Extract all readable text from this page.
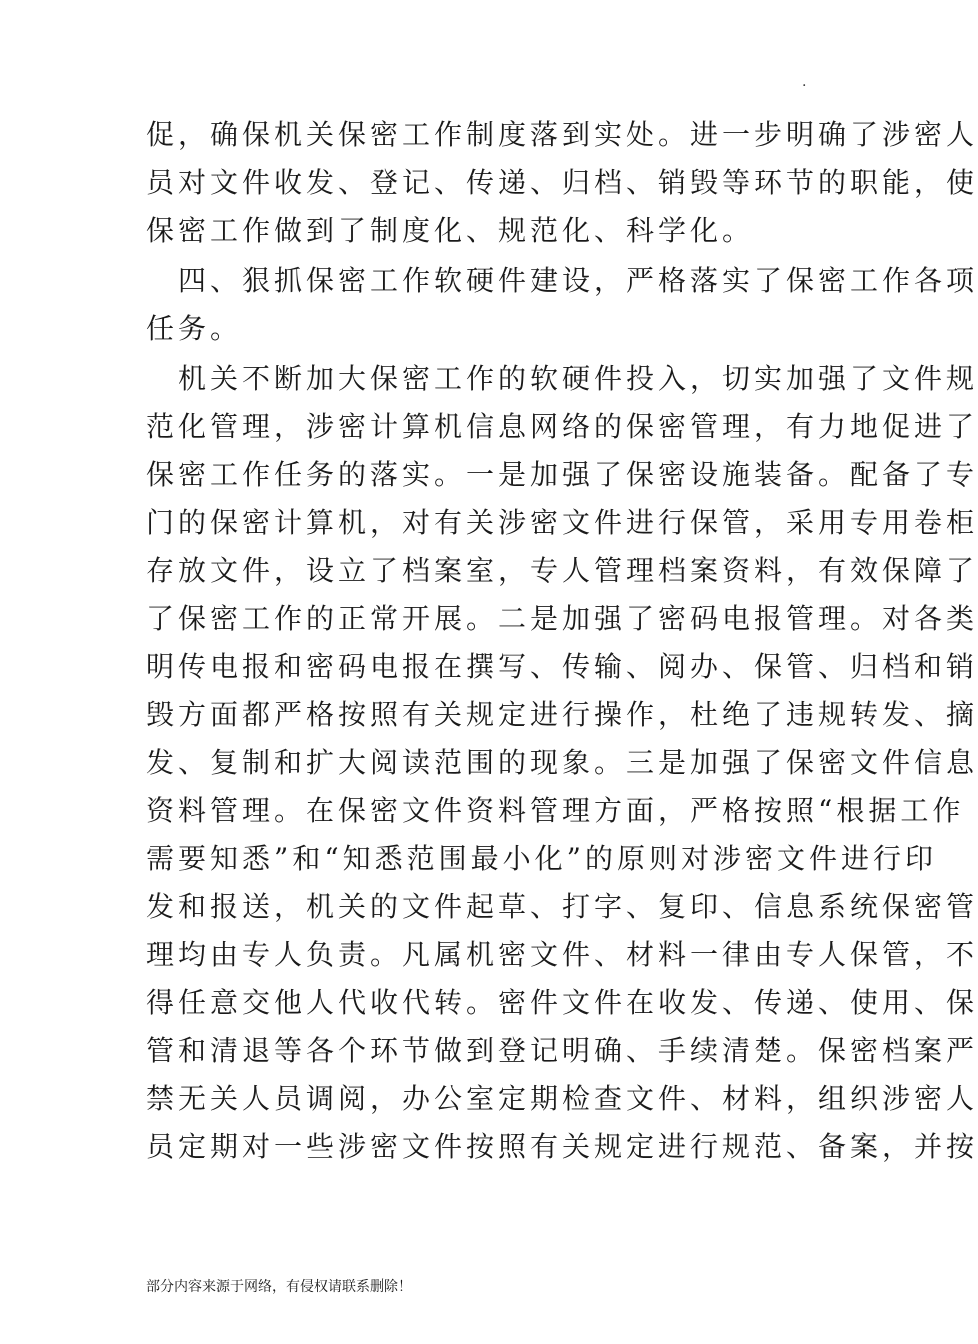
.
促，确保机关保密工作制度落到实处。进一步明确了涉密人
员对文件收发、登记、传递、归档、销毁等环节的职能，使
保密工作做到了制度化、规范化、科学化。
　四、狠抓保密工作软硬件建设，严格落实了保密工作各项
任务。
　机关不断加大保密工作的软硬件投入，切实加强了文件规
范化管理，涉密计算机信息网络的保密管理，有力地促进了
保密工作任务的落实。一是加强了保密设施装备。配备了专
门的保密计算机，对有关涉密文件进行保管，采用专用卷柜
存放文件，设立了档案室，专人管理档案资料，有效保障了
了保密工作的正常开展。二是加强了密码电报管理。对各类
明传电报和密码电报在撰写、传输、阅办、保管、归档和销
毁方面都严格按照有关规定进行操作，杜绝了违规转发、摘
发、复制和扩大阅读范围的现象。三是加强了保密文件信息
资料管理。在保密文件资料管理方面，严格按照“根据工作
需要知悉”和“知悉范围最小化”的原则对涉密文件进行印
发和报送，机关的文件起草、打字、复印、信息系统保密管
理均由专人负责。凡属机密文件、材料一律由专人保管，不
得任意交他人代收代转。密件文件在收发、传递、使用、保
管和清退等各个环节做到登记明确、手续清楚。保密档案严
禁无关人员调阅，办公室定期检查文件、材料，组织涉密人
员定期对一些涉密文件按照有关规定进行规范、备案，并按
部分内容来源于网络，有侵权请联系删除！
